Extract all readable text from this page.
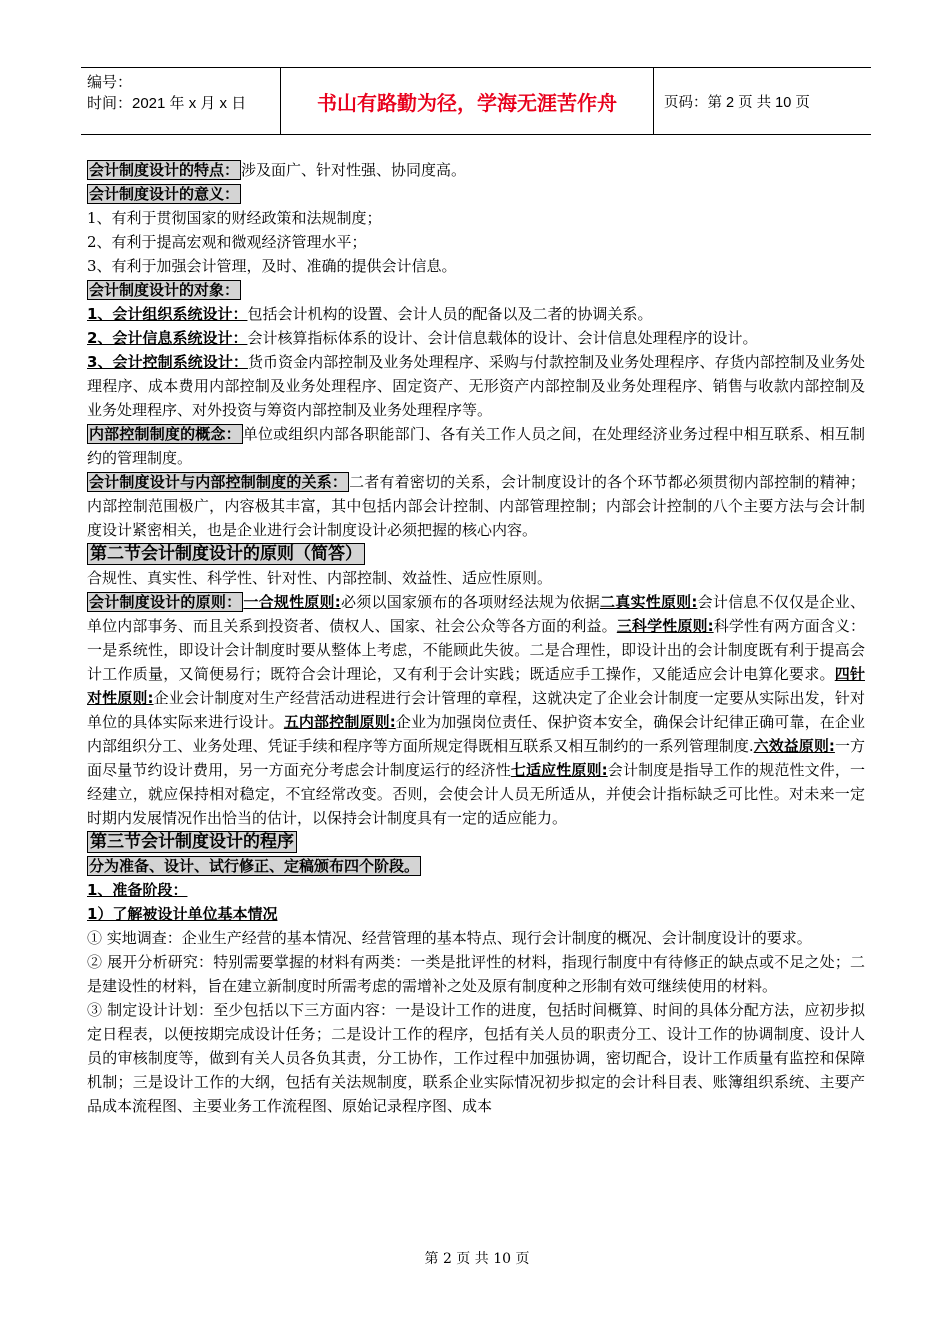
编号：
时间：2021 年 x 月 x 日	书山有路勤为径，学海无涯苦作舟	页码：第 2 页 共 10 页

会计制度设计的特点： 涉及面广、针对性强、协同度高。

会计制度设计的意义：

1、有利于贯彻国家的财经政策和法规制度；

2、有利于提高宏观和微观经济管理水平；

3、有利于加强会计管理，及时、准确的提供会计信息。

会计制度设计的对象：

1、会计组织系统设计：包括会计机构的设置、会计人员的配备以及二者的协调关系。

2、会计信息系统设计：会计核算指标体系的设计、会计信息载体的设计、会计信息处理程序的设计。

3、会计控制系统设计：货币资金内部控制及业务处理程序、采购与付款控制及业务处理程序、存货内部控制及业务处理程序、成本费用内部控制及业务处理程序、固定资产、无形资产内部控制及业务处理程序、销售与收款内部控制及业务处理程序、对外投资与筹资内部控制及业务处理程序等。

内部控制制度的概念： 单位或组织内部各职能部门、各有关工作人员之间，在处理经济业务过程中相互联系、相互制约的管理制度。

会计制度设计与内部控制制度的关系： 二者有着密切的关系，会计制度设计的各个环节都必须贯彻内部控制的精神；内部控制范围极广，内容极其丰富，其中包括内部会计控制、内部管理控制；内部会计控制的八个主要方法与会计制度设计紧密相关，也是企业进行会计制度设计必须把握的核心内容。

第二节会计制度设计的原则（简答）

合规性、真实性、科学性、针对性、内部控制、效益性、适应性原则。

会计制度设计的原则： 一合规性原则:必须以国家颁布的各项财经法规为依据二真实性原则:会计信息不仅仅是企业、单位内部事务、而且关系到投资者、债权人、国家、社会公众等各方面的利益。三科学性原则:科学性有两方面含义：一是系统性，即设计会计制度时要从整体上考虑，不能顾此失彼。二是合理性，即设计出的会计制度既有利于提高会计工作质量，又简便易行；既符合会计理论，又有利于会计实践；既适应手工操作，又能适应会计电算化要求。四针对性原则:企业会计制度对生产经营活动进程进行会计管理的章程，这就决定了企业会计制度一定要从实际出发，针对单位的具体实际来进行设计。五内部控制原则:企业为加强岗位责任、保护资本安全，确保会计纪律正确可靠，在企业内部组织分工、业务处理、凭证手续和程序等方面所规定得既相互联系又相互制约的一系列管理制度.六效益原则:一方面尽量节约设计费用，另一方面充分考虑会计制度运行的经济性七适应性原则:会计制度是指导工作的规范性文件，一经建立，就应保持相对稳定，不宜经常改变。否则，会使会计人员无所适从，并使会计指标缺乏可比性。对未来一定时期内发展情况作出恰当的估计，以保持会计制度具有一定的适应能力。

第三节会计制度设计的程序

分为准备、设计、试行修正、定稿颁布四个阶段。

1、准备阶段：

1）了解被设计单位基本情况

① 实地调查：企业生产经营的基本情况、经营管理的基本特点、现行会计制度的概况、会计制度设计的要求。

② 展开分析研究：特别需要掌握的材料有两类：一类是批评性的材料，指现行制度中有待修正的缺点或不足之处；二是建设性的材料，旨在建立新制度时所需考虑的需增补之处及原有制度种之形制有效可继续使用的材料。

③ 制定设计计划：至少包括以下三方面内容：一是设计工作的进度，包括时间概算、时间的具体分配方法，应初步拟定日程表，以便按期完成设计任务；二是设计工作的程序，包括有关人员的职责分工、设计工作的协调制度、设计人员的审核制度等，做到有关人员各负其责，分工协作，工作过程中加强协调，密切配合，设计工作质量有监控和保障机制；三是设计工作的大纲，包括有关法规制度，联系企业实际情况初步拟定的会计科目表、账簿组织系统、主要产品成本流程图、主要业务工作流程图、原始记录程序图、成本

第 2 页 共 10 页
